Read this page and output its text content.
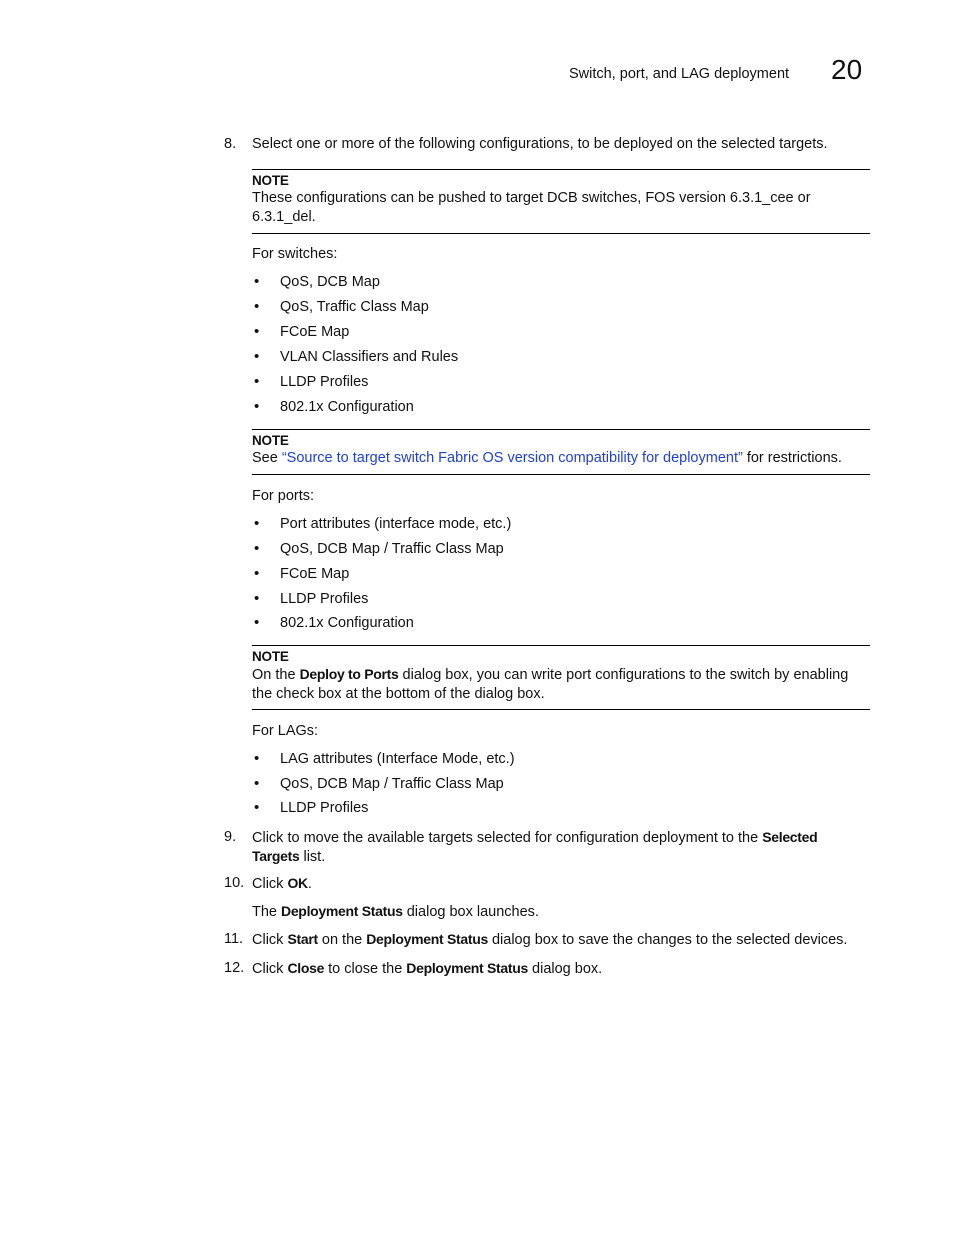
Switch, port, and LAG deployment 20
8. Select one or more of the following configurations, to be deployed on the selected targets.
NOTE
These configurations can be pushed to target DCB switches, FOS version 6.3.1_cee or
6.3.1_del.
For switches:
• QoS, DCB Map
• QoS, Traffic Class Map
• FCoE Map
• VLAN Classifiers and Rules
• LLDP Profiles
• 802.1x Configuration
NOTE
See “Source to target switch Fabric OS version compatibility for deployment” for restrictions.
For ports:
• Port attributes (interface mode, etc.)
• QoS, DCB Map / Traffic Class Map
• FCoE Map
• LLDP Profiles
• 802.1x Configuration
NOTE
On the Deploy to Ports dialog box, you can write port configurations to the switch by enabling
the check box at the bottom of the dialog box.
For LAGs:
• LAG attributes (Interface Mode, etc.)
• QoS, DCB Map / Traffic Class Map
• LLDP Profiles
9. Click to move the available targets selected for configuration deployment to the Selected
Targets list.
10. Click OK.
The Deployment Status dialog box launches.
11. Click Start on the Deployment Status dialog box to save the changes to the selected devices.
12. Click Close to close the Deployment Status dialog box.
